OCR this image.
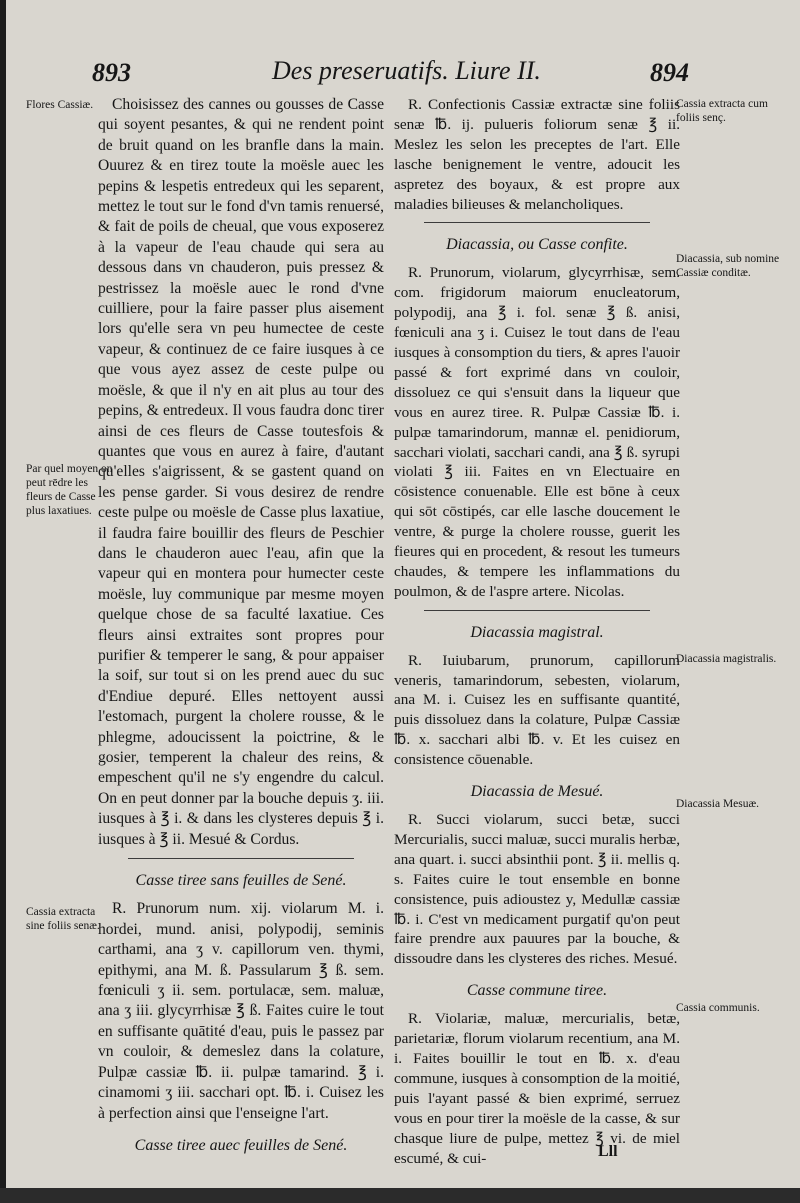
893	Des preseruatifs. Liure II.	894
Flores Cassiæ.
Par quel moyen on peut rēdre les fleurs de Casse plus laxatiues.
Cassia extracta sine foliis senæ.
Cassia extracta cum foliis senç.
Diacassia, sub nomine Cassiæ conditæ.
Diacassia magistralis.
Diacassia Mesuæ.
Cassia communis.

Choisissez des cannes ou gousses de Casse qui soyent pesantes, & qui ne rendent point de bruit quand on les branfle dans la main. Ouurez & en tirez toute la moësle auec les pepins & lespetis entredeux qui les separent, mettez le tout sur le fond d'vn tamis renuersé, & fait de poils de cheual, que vous exposerez à la vapeur de l'eau chaude qui sera au dessous dans vn chauderon, puis pressez & pestrissez la moësle auec le rond d'vne cuilliere, pour la faire passer plus aisement lors qu'elle sera vn peu humectee de ceste vapeur, & continuez de ce faire iusques à ce que vous ayez assez de ceste pulpe ou moësle, & que il n'y en ait plus au tour des pepins, & entredeux. Il vous faudra donc tirer ainsi de ces fleurs de Casse toutesfois & quantes que vous en aurez à faire, d'autant qu'elles s'aigrissent, & se gastent quand on les pense garder. Si vous desirez de rendre ceste pulpe ou moësle de Casse plus laxatiue, il faudra faire bouillir des fleurs de Peschier dans le chauderon auec l'eau, afin que la vapeur qui en montera pour humecter ceste moësle, luy communique par mesme moyen quelque chose de sa faculté laxatiue. Ces fleurs ainsi extraites sont propres pour purifier & temperer le sang, & pour appaiser la soif, sur tout si on les prend auec du suc d'Endiue depuré. Elles nettoyent aussi l'estomach, purgent la cholere rousse, & le phlegme, adoucissent la poictrine, & le gosier, temperent la chaleur des reins, & empeschent qu'il ne s'y engendre du calcul. On en peut donner par la bouche depuis ʒ. iii. iusques à ℥ i. & dans les clysteres depuis ℥ i. iusques à ℥ ii. Mesué & Cordus.

Casse tiree sans feuilles de Sené.

R. Prunorum num. xij. violarum M. i. hordei, mund. anisi, polypodij, seminis carthami, ana ʒ v. capillorum ven. thymi, epithymi, ana M. ß. Passularum ℥ ß. sem. fœniculi ʒ ii. sem. portulacæ, sem. maluæ, ana ʒ iii. glycyrrhisæ ℥ ß. Faites cuire le tout en suffisante quātité d'eau, puis le passez par vn couloir, & demeslez dans la colature, Pulpæ cassiæ ℔. ii. pulpæ tamarind. ℥ i. cinamomi ʒ iii. sacchari opt. ℔. i. Cuisez les à perfection ainsi que l'enseigne l'art.

Casse tiree auec feuilles de Sené.

R. Confectionis Cassiæ extractæ sine foliis senæ ℔. ij. pulueris foliorum senæ ℥ ii. Meslez les selon les preceptes de l'art. Elle lasche benignement le ventre, adoucit les aspretez des boyaux, & est propre aux maladies bilieuses & melancholiques.

Diacassia, ou Casse confite.

R. Prunorum, violarum, glycyrrhisæ, sem. com. frigidorum maiorum enucleatorum, polypodij, ana ℥ i. fol. senæ ℥ ß. anisi, fœniculi ana ʒ i. Cuisez le tout dans de l'eau iusques à consomption du tiers, & apres l'auoir passé & fort exprimé dans vn couloir, dissoluez ce qui s'ensuit dans la liqueur que vous en aurez tiree. R. Pulpæ Cassiæ ℔. i. pulpæ tamarindorum, mannæ el. penidiorum, sacchari violati, sacchari candi, ana ℥ ß. syrupi violati ℥ iii. Faites en vn Electuaire en cōsistence conuenable. Elle est bōne à ceux qui sōt cōstipés, car elle lasche doucement le ventre, & purge la cholere rousse, guerit les fieures qui en procedent, & resout les tumeurs chaudes, & tempere les inflammations du poulmon, & de l'aspre artere. Nicolas.

Diacassia magistral.

R. Iuiubarum, prunorum, capillorum veneris, tamarindorum, sebesten, violarum, ana M. i. Cuisez les en suffisante quantité, puis dissoluez dans la colature, Pulpæ Cassiæ ℔. x. sacchari albi ℔. v. Et les cuisez en consistence cōuenable.

Diacassia de Mesué.

R. Succi violarum, succi betæ, succi Mercurialis, succi maluæ, succi muralis herbæ, ana quart. i. succi absinthii pont. ℥ ii. mellis q. s. Faites cuire le tout ensemble en bonne consistence, puis adioustez y, Medullæ cassiæ ℔. i. C'est vn medicament purgatif qu'on peut faire prendre aux pauures par la bouche, & dissoudre dans les clysteres des riches. Mesué.

Casse commune tiree.

R. Violariæ, maluæ, mercurialis, betæ, parietariæ, florum violarum recentium, ana M. i. Faites bouillir le tout en ℔. x. d'eau commune, iusques à consomption de la moitié, puis l'ayant passé & bien exprimé, serruez vous en pour tirer la moësle de la casse, & sur chasque liure de pulpe, mettez ℥ vi. de miel escumé, & cui-	Lll
